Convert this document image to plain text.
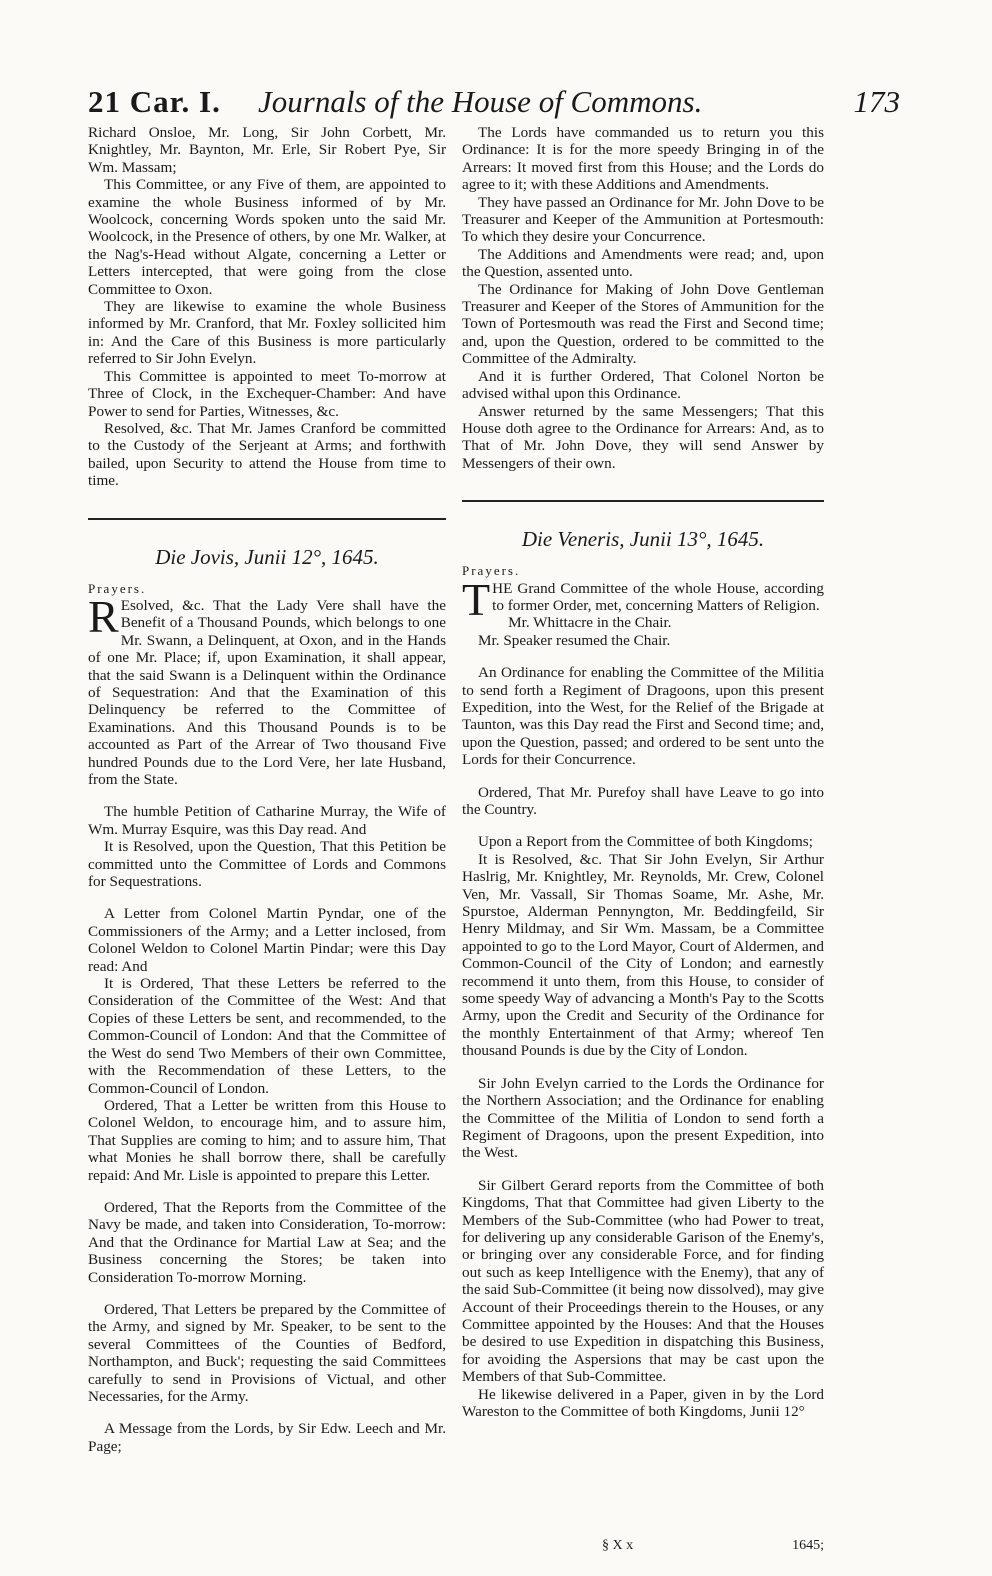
21 Car. I. Journals of the House of Commons.	173

Richard Onsloe, Mr. Long, Sir John Corbett, Mr. Knightley, Mr. Baynton, Mr. Erle, Sir Robert Pye, Sir Wm. Massam;

This Committee, or any Five of them, are appointed to examine the whole Business informed of by Mr. Woolcock, concerning Words spoken unto the said Mr. Woolcock, in the Presence of others, by one Mr. Walker, at the Nag's-Head without Algate, concerning a Letter or Letters intercepted, that were going from the close Committee to Oxon.

They are likewise to examine the whole Business informed by Mr. Cranford, that Mr. Foxley sollicited him in: And the Care of this Business is more particularly referred to Sir John Evelyn.

This Committee is appointed to meet To-morrow at Three of Clock, in the Exchequer-Chamber: And have Power to send for Parties, Witnesses, &c.

Resolved, &c. That Mr. James Cranford be committed to the Custody of the Serjeant at Arms; and forthwith bailed, upon Security to attend the House from time to time.

Die Jovis, Junii 12°, 1645.

Prayers.

R Esolved, &c. That the Lady Vere shall have the Benefit of a Thousand Pounds, which belongs to one Mr. Swann, a Delinquent, at Oxon, and in the Hands of one Mr. Place; if, upon Examination, it shall appear, that the said Swann is a Delinquent within the Ordinance of Sequestration: And that the Examination of this Delinquency be referred to the Committee of Examinations. And this Thousand Pounds is to be accounted as Part of the Arrear of Two thousand Five hundred Pounds due to the Lord Vere, her late Husband, from the State.

The humble Petition of Catharine Murray, the Wife of Wm. Murray Esquire, was this Day read. And

It is Resolved, upon the Question, That this Petition be committed unto the Committee of Lords and Commons for Sequestrations.

A Letter from Colonel Martin Pyndar, one of the Commissioners of the Army; and a Letter inclosed, from Colonel Weldon to Colonel Martin Pindar; were this Day read: And

It is Ordered, That these Letters be referred to the Consideration of the Committee of the West: And that Copies of these Letters be sent, and recommended, to the Common-Council of London: And that the Committee of the West do send Two Members of their own Committee, with the Recommendation of these Letters, to the Common-Council of London.

Ordered, That a Letter be written from this House to Colonel Weldon, to encourage him, and to assure him, That Supplies are coming to him; and to assure him, That what Monies he shall borrow there, shall be carefully repaid: And Mr. Lisle is appointed to prepare this Letter.

Ordered, That the Reports from the Committee of the Navy be made, and taken into Consideration, To-morrow: And that the Ordinance for Martial Law at Sea; and the Business concerning the Stores; be taken into Consideration To-morrow Morning.

Ordered, That Letters be prepared by the Committee of the Army, and signed by Mr. Speaker, to be sent to the several Committees of the Counties of Bedford, Northampton, and Buck'; requesting the said Committees carefully to send in Provisions of Victual, and other Necessaries, for the Army.

A Message from the Lords, by Sir Edw. Leech and Mr. Page;

The Lords have commanded us to return you this Ordinance: It is for the more speedy Bringing in of the Arrears: It moved first from this House; and the Lords do agree to it; with these Additions and Amendments.

They have passed an Ordinance for Mr. John Dove to be Treasurer and Keeper of the Ammunition at Portesmouth: To which they desire your Concurrence.

The Additions and Amendments were read; and, upon the Question, assented unto.

The Ordinance for Making of John Dove Gentleman Treasurer and Keeper of the Stores of Ammunition for the Town of Portesmouth was read the First and Second time; and, upon the Question, ordered to be committed to the Committee of the Admiralty.

And it is further Ordered, That Colonel Norton be advised withal upon this Ordinance.

Answer returned by the same Messengers; That this House doth agree to the Ordinance for Arrears: And, as to That of Mr. John Dove, they will send Answer by Messengers of their own.

Die Veneris, Junii 13°, 1645.

Prayers.

THE Grand Committee of the whole House, according to former Order, met, concerning Matters of Religion.

Mr. Whittacre in the Chair.

Mr. Speaker resumed the Chair.

An Ordinance for enabling the Committee of the Militia to send forth a Regiment of Dragoons, upon this present Expedition, into the West, for the Relief of the Brigade at Taunton, was this Day read the First and Second time; and, upon the Question, passed; and ordered to be sent unto the Lords for their Concurrence.

Ordered, That Mr. Purefoy shall have Leave to go into the Country.

Upon a Report from the Committee of both Kingdoms;

It is Resolved, &c. That Sir John Evelyn, Sir Arthur Haslrig, Mr. Knightley, Mr. Reynolds, Mr. Crew, Colonel Ven, Mr. Vassall, Sir Thomas Soame, Mr. Ashe, Mr. Spurstoe, Alderman Pennyngton, Mr. Beddingfeild, Sir Henry Mildmay, and Sir Wm. Massam, be a Committee appointed to go to the Lord Mayor, Court of Aldermen, and Common-Council of the City of London; and earnestly recommend it unto them, from this House, to consider of some speedy Way of advancing a Month's Pay to the Scotts Army, upon the Credit and Security of the Ordinance for the monthly Entertainment of that Army; whereof Ten thousand Pounds is due by the City of London.

Sir John Evelyn carried to the Lords the Ordinance for the Northern Association; and the Ordinance for enabling the Committee of the Militia of London to send forth a Regiment of Dragoons, upon the present Expedition, into the West.

Sir Gilbert Gerard reports from the Committee of both Kingdoms, That that Committee had given Liberty to the Members of the Sub-Committee (who had Power to treat, for delivering up any considerable Garison of the Enemy's, or bringing over any considerable Force, and for finding out such as keep Intelligence with the Enemy), that any of the said Sub-Committee (it being now dissolved), may give Account of their Proceedings therein to the Houses, or any Committee appointed by the Houses: And that the Houses be desired to use Expedition in dispatching this Business, for avoiding the Aspersions that may be cast upon the Members of that Sub-Committee.

He likewise delivered in a Paper, given in by the Lord Wareston to the Committee of both Kingdoms, Junii 12°

§ X x	1645;
